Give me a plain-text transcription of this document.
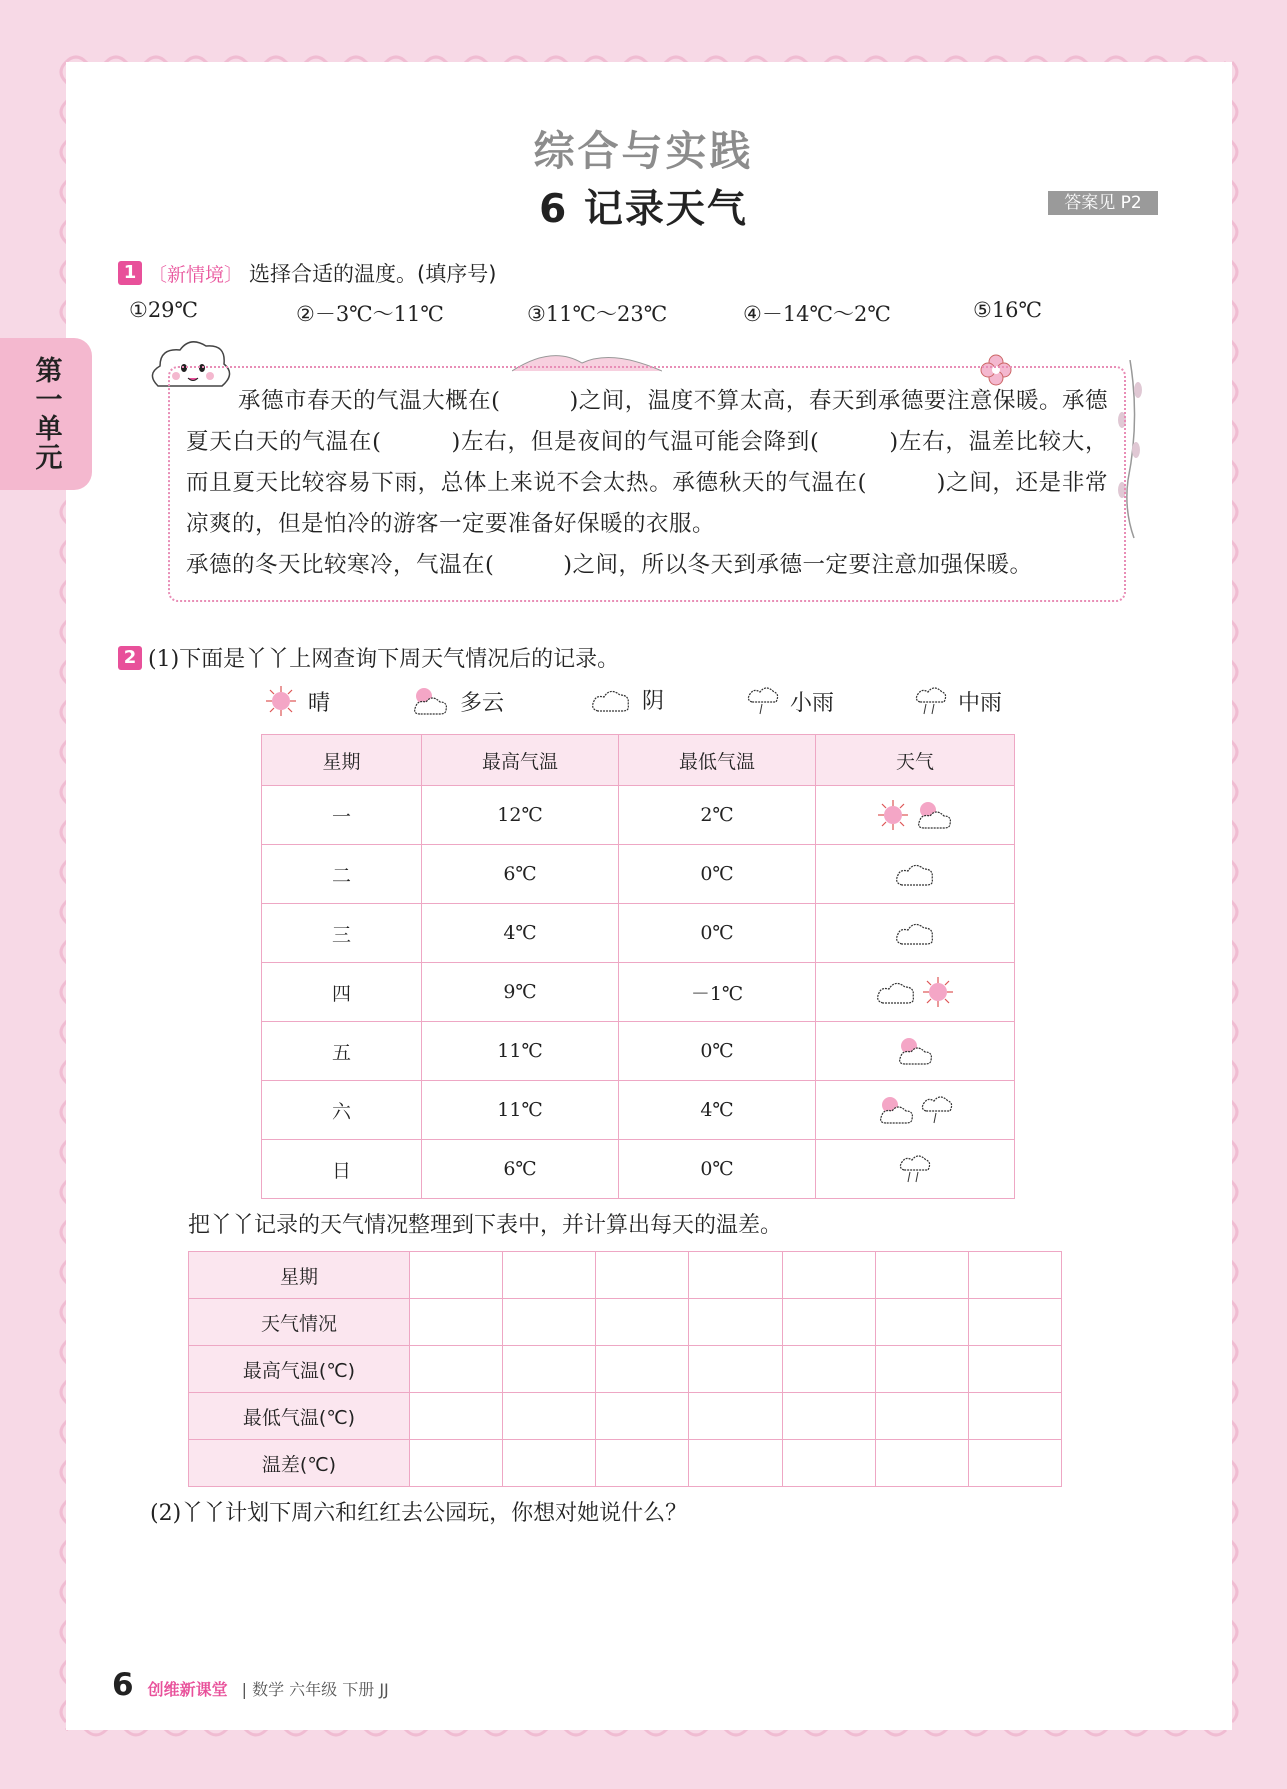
第一单元
综合与实践
6 记录天气	答案见 P2
1 〔新情境〕 选择合适的温度。(填序号)
①29℃	②－3℃～11℃	③11℃～23℃	④－14℃～2℃	⑤16℃

承德市春天的气温大概在(　　　)之间，温度不算太高，春天到承德要注意保暖。承德夏天白天的气温在(　　　)左右，但是夜间的气温可能会降到(　　　)左右，温差比较大，而且夏天比较容易下雨，总体上来说不会太热。承德秋天的气温在(　　　)之间，还是非常凉爽的，但是怕冷的游客一定要准备好保暖的衣服。

承德的冬天比较寒冷，气温在(　　　)之间，所以冬天到承德一定要注意加强保暖。

2 (1)下面是丫丫上网查询下周天气情况后的记录。
晴	多云	阴	小雨	中雨
星期	最高气温	最低气温	天气
一	12℃	2℃	
二	6℃	0℃	
三	4℃	0℃	
四	9℃	－1℃	
五	11℃	0℃	
六	11℃	4℃	
日	6℃	0℃	
把丫丫记录的天气情况整理到下表中，并计算出每天的温差。
星期							
天气情况							
最高气温(℃)							
最低气温(℃)							
温差(℃)							
(2)丫丫计划下周六和红红去公园玩，你想对她说什么？
6 创维新课堂 | 数学 六年级 下册 JJ
